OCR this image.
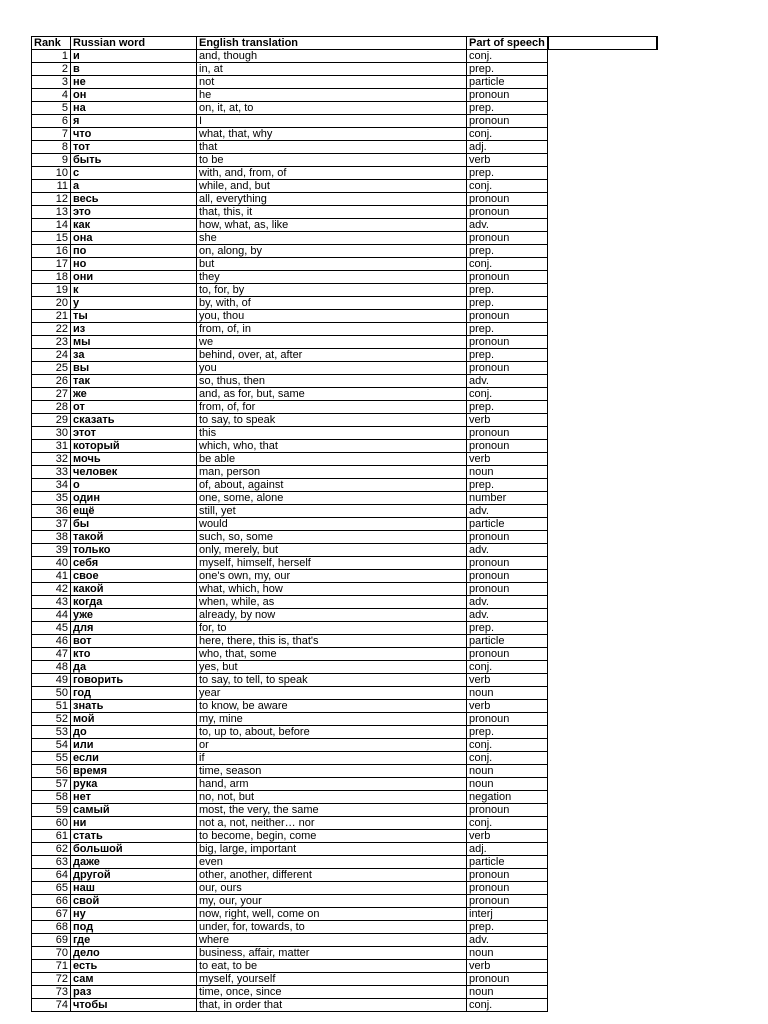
Rank	Russian word	English translation	Part of speech	
1	и	and, though	conj.	
2	в	in, at	prep.	
3	не	not	particle	
4	он	he	pronoun	
5	на	on, it, at, to	prep.	
6	я	I	pronoun	
7	что	what, that, why	conj.	
8	тот	that	adj.	
9	быть	to be	verb	
10	с	with, and, from, of	prep.	
11	а	while, and, but	conj.	
12	весь	all, everything	pronoun	
13	это	that, this, it	pronoun	
14	как	how, what, as, like	adv.	
15	она	she	pronoun	
16	по	on, along, by	prep.	
17	но	but	conj.	
18	они	they	pronoun	
19	к	to, for, by	prep.	
20	у	by, with, of	prep.	
21	ты	you, thou	pronoun	
22	из	from, of, in	prep.	
23	мы	we	pronoun	
24	за	behind, over, at, after	prep.	
25	вы	you	pronoun	
26	так	so, thus, then	adv.	
27	же	and, as for, but, same	conj.	
28	от	from, of, for	prep.	
29	сказать	to say, to speak	verb	
30	этот	this	pronoun	
31	который	which, who, that	pronoun	
32	мочь	be able	verb	
33	человек	man, person	noun	
34	о	of, about, against	prep.	
35	один	one, some, alone	number	
36	ещё	still, yet	adv.	
37	бы	would	particle	
38	такой	such, so, some	pronoun	
39	только	only, merely, but	adv.	
40	себя	myself, himself, herself	pronoun	
41	свое	one's own, my, our	pronoun	
42	какой	what, which, how	pronoun	
43	когда	when, while, as	adv.	
44	уже	already, by now	adv.	
45	для	for, to	prep.	
46	вот	here, there, this is, that's	particle	
47	кто	who, that, some	pronoun	
48	да	yes, but	conj.	
49	говорить	to say, to tell, to speak	verb	
50	год	year	noun	
51	знать	to know, be aware	verb	
52	мой	my, mine	pronoun	
53	до	to, up to, about, before	prep.	
54	или	or	conj.	
55	если	if	conj.	
56	время	time, season	noun	
57	рука	hand, arm	noun	
58	нет	no, not, but	negation	
59	самый	most, the very, the same	pronoun	
60	ни	not a, not, neither… nor	conj.	
61	стать	to become, begin, come	verb	
62	большой	big, large, important	adj.	
63	даже	even	particle	
64	другой	other, another, different	pronoun	
65	наш	our, ours	pronoun	
66	свой	my, our, your	pronoun	
67	ну	now, right, well, come on	interj	
68	под	under, for, towards, to	prep.	
69	где	where	adv.	
70	дело	business, affair, matter	noun	
71	есть	to eat, to be	verb	
72	сам	myself, yourself	pronoun	
73	раз	time, once, since	noun	
74	чтобы	that, in order that	conj.	
